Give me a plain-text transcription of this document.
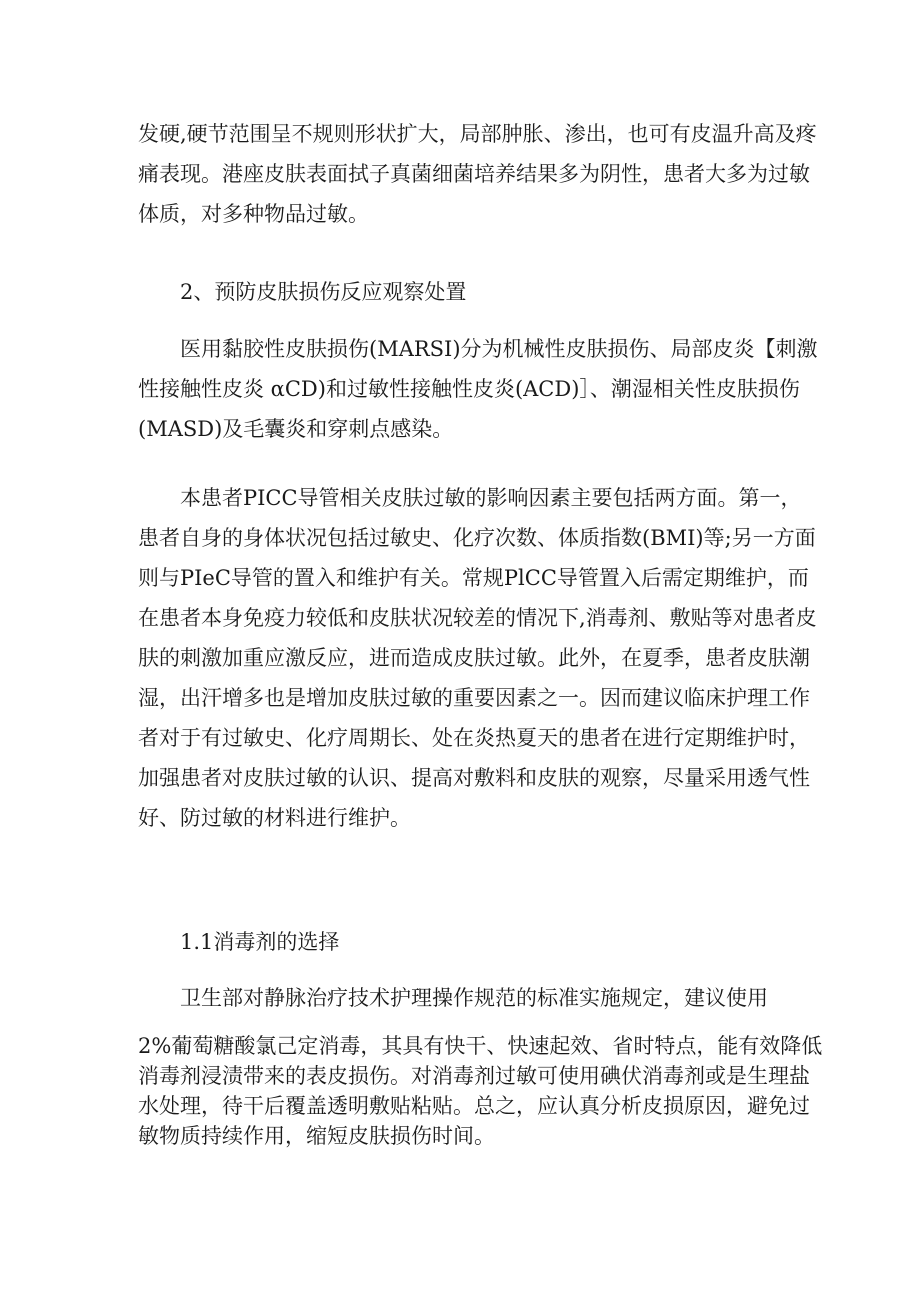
发硬,硬节范围呈不规则形状扩大，局部肿胀、渗出，也可有皮温升高及疼
痛表现。港座皮肤表面拭子真菌细菌培养结果多为阴性，患者大多为过敏
体质，对多种物品过敏。
2、预防皮肤损伤反应观察处置
医用黏胶性皮肤损伤(MARSI)分为机械性皮肤损伤、局部皮炎【刺激
性接触性皮炎 αCD)和过敏性接触性皮炎(ACD)］、潮湿相关性皮肤损伤
(MASD)及毛囊炎和穿刺点感染。
本患者PICC导管相关皮肤过敏的影响因素主要包括两方面。第一，
患者自身的身体状况包括过敏史、化疗次数、体质指数(BMI)等;另一方面
则与PIeC导管的置入和维护有关。常规PlCC导管置入后需定期维护，而
在患者本身免疫力较低和皮肤状况较差的情况下,消毒剂、敷贴等对患者皮
肤的刺激加重应激反应，进而造成皮肤过敏。此外，在夏季，患者皮肤潮
湿，出汗增多也是增加皮肤过敏的重要因素之一。因而建议临床护理工作
者对于有过敏史、化疗周期长、处在炎热夏天的患者在进行定期维护时，
加强患者对皮肤过敏的认识、提高对敷料和皮肤的观察，尽量采用透气性
好、防过敏的材料进行维护。
1.1消毒剂的选择
卫生部对静脉治疗技术护理操作规范的标准实施规定，建议使用
2%葡萄糖酸氯己定消毒，其具有快干、快速起效、省时特点，能有效降低
消毒剂浸渍带来的表皮损伤。对消毒剂过敏可使用碘伏消毒剂或是生理盐
水处理，待干后覆盖透明敷贴粘贴。总之，应认真分析皮损原因，避免过
敏物质持续作用，缩短皮肤损伤时间。
